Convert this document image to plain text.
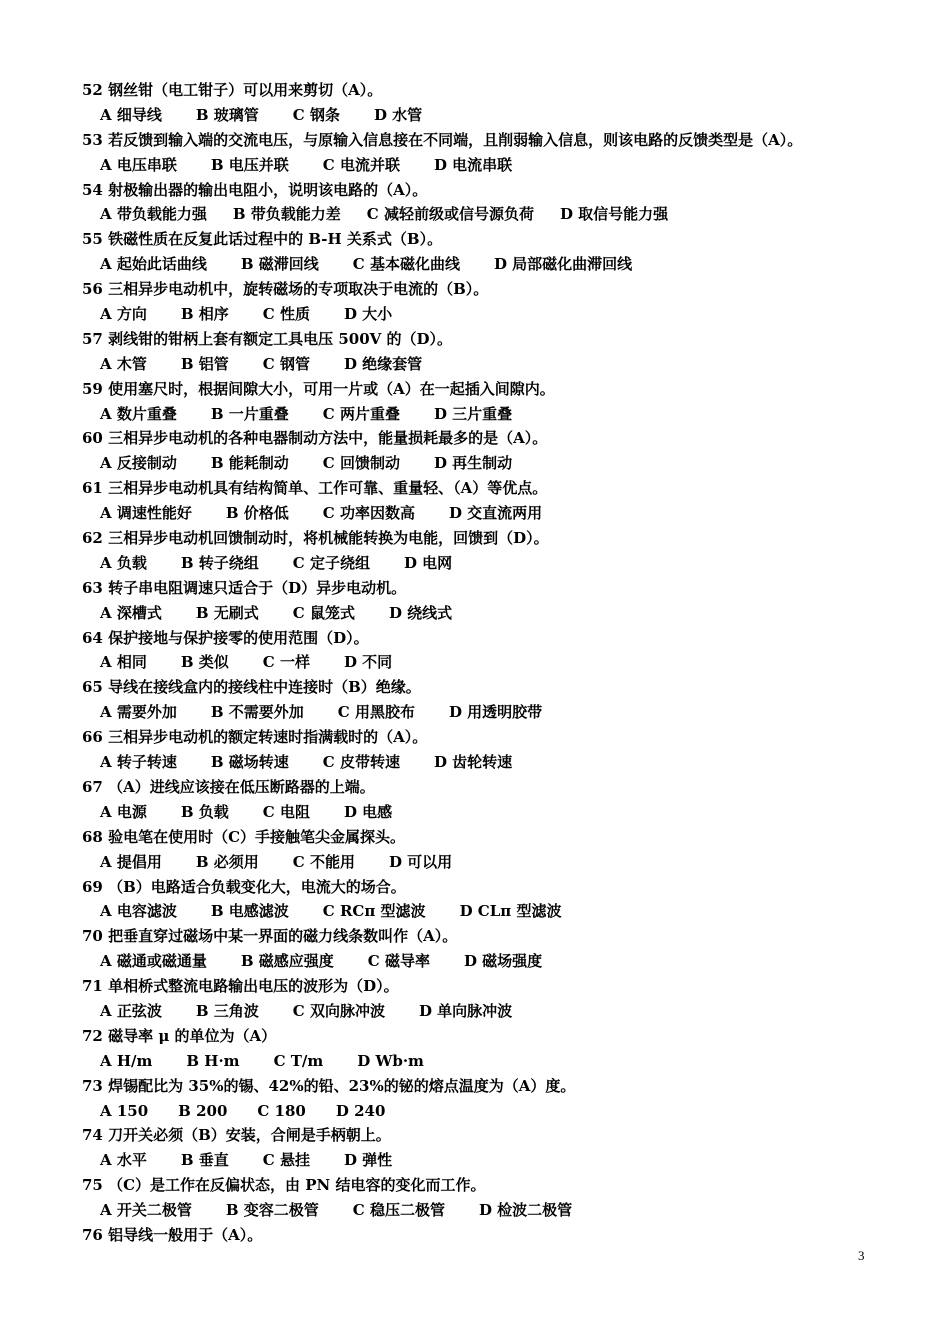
52 钢丝钳（电工钳子）可以用来剪切（A）。
A 细导线 B 玻璃管 C 钢条 D 水管
53 若反馈到输入端的交流电压，与原输入信息接在不同端，且削弱输入信息，则该电路的反馈类型是（A）。
A 电压串联 B 电压并联 C 电流并联 D 电流串联
54 射极输出器的输出电阻小，说明该电路的（A）。
A 带负载能力强 B 带负载能力差 C 减轻前级或信号源负荷 D 取信号能力强
55 铁磁性质在反复此话过程中的 B-H 关系式（B）。
A 起始此话曲线 B 磁滞回线 C 基本磁化曲线 D 局部磁化曲滞回线
56 三相异步电动机中，旋转磁场的专项取决于电流的（B）。
A 方向 B 相序 C 性质 D 大小
57 剥线钳的钳柄上套有额定工具电压 500V 的（D）。
A 木管 B 铝管 C 钢管 D 绝缘套管
59 使用塞尺时，根据间隙大小，可用一片或（A）在一起插入间隙内。
A 数片重叠 B 一片重叠 C 两片重叠 D 三片重叠
60 三相异步电动机的各种电器制动方法中，能量损耗最多的是（A）。
A 反接制动 B 能耗制动 C 回馈制动 D 再生制动
61 三相异步电动机具有结构简单、工作可靠、重量轻、（A）等优点。
A 调速性能好 B 价格低 C 功率因数高 D 交直流两用
62 三相异步电动机回馈制动时，将机械能转换为电能，回馈到（D）。
A 负载 B 转子绕组 C 定子绕组 D 电网
63 转子串电阻调速只适合于（D）异步电动机。
A 深槽式 B 无刷式 C 鼠笼式 D 绕线式
64 保护接地与保护接零的使用范围（D）。
A 相同 B 类似 C 一样 D 不同
65 导线在接线盒内的接线柱中连接时（B）绝缘。
A 需要外加 B 不需要外加 C 用黑胶布 D 用透明胶带
66 三相异步电动机的额定转速时指满载时的（A）。
A 转子转速 B 磁场转速 C 皮带转速 D 齿轮转速
67 （A）进线应该接在低压断路器的上端。
A 电源 B 负载 C 电阻 D 电感
68 验电笔在使用时（C）手接触笔尖金属探头。
A 提倡用 B 必须用 C 不能用 D 可以用
69 （B）电路适合负载变化大，电流大的场合。
A 电容滤波 B 电感滤波 C RCπ 型滤波 D CLπ 型滤波
70 把垂直穿过磁场中某一界面的磁力线条数叫作（A）。
A 磁通或磁通量 B 磁感应强度 C 磁导率 D 磁场强度
71 单相桥式整流电路输出电压的波形为（D）。
A 正弦波 B 三角波 C 双向脉冲波 D 单向脉冲波
72 磁导率 μ 的单位为（A）
A H/m B H·m C T/m D Wb·m
73 焊锡配比为 35%的锡、42%的铅、23%的铋的熔点温度为（A）度。
A 150 B 200 C 180 D 240
74 刀开关必须（B）安装，合闸是手柄朝上。
A 水平 B 垂直 C 悬挂 D 弹性
75 （C）是工作在反偏状态，由 PN 结电容的变化而工作。
A 开关二极管 B 变容二极管 C 稳压二极管 D 检波二极管
76 铝导线一般用于（A）。
3
